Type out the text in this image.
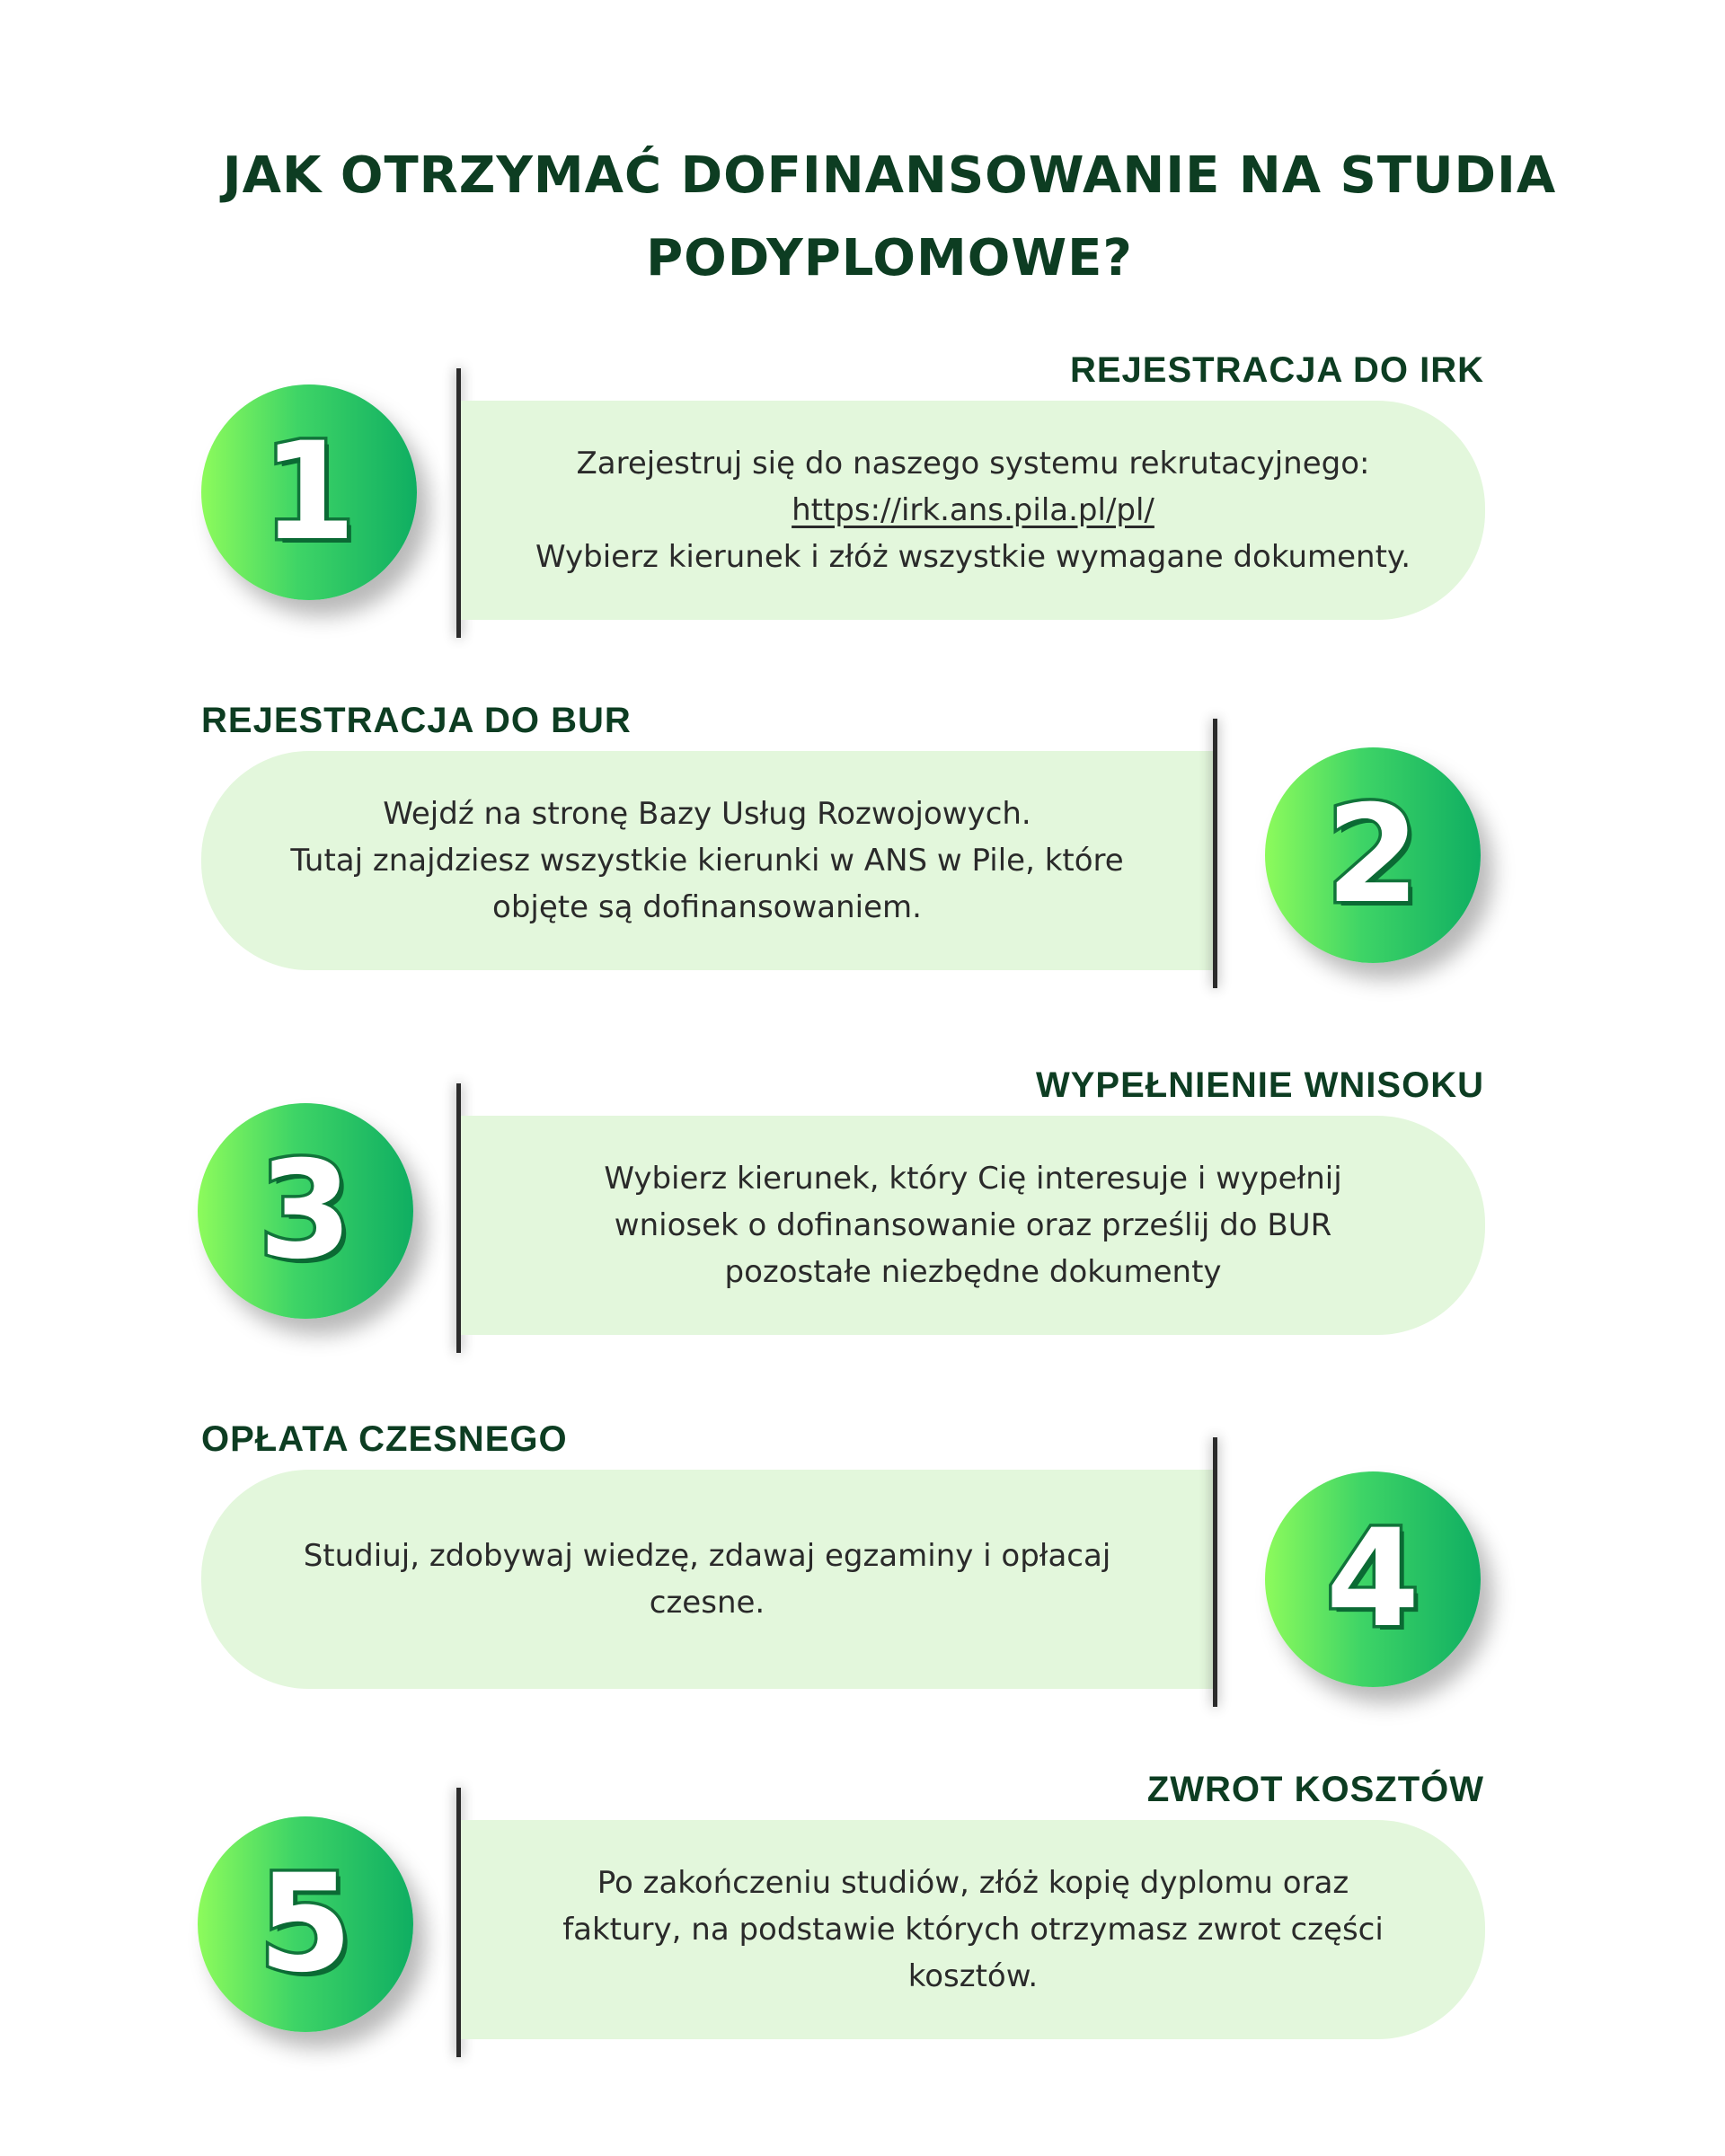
JAK OTRZYMAĆ DOFINANSOWANIE NA STUDIA
PODYPLOMOWE?
REJESTRACJA DO IRK
Zarejestruj się do naszego systemu rekrutacyjnego:
https://irk.ans.pila.pl/pl/
Wybierz kierunek i złóż wszystkie wymagane dokumenty.
1
REJESTRACJA DO BUR
Wejdź na stronę Bazy Usług Rozwojowych.
Tutaj znajdziesz wszystkie kierunki w ANS w Pile, które
objęte są dofinansowaniem.	2
WYPEŁNIENIE WNISOKU
Wybierz kierunek, który Cię interesuje i wypełnij
wniosek o dofinansowanie oraz prześlij do BUR
pozostałe niezbędne dokumenty
3
OPŁATA CZESNEGO
Studiuj, zdobywaj wiedzę, zdawaj egzaminy i opłacaj
czesne.	4
ZWROT KOSZTÓW
Po zakończeniu studiów, złóż kopię dyplomu oraz
faktury, na podstawie których otrzymasz zwrot części
kosztów.
5
